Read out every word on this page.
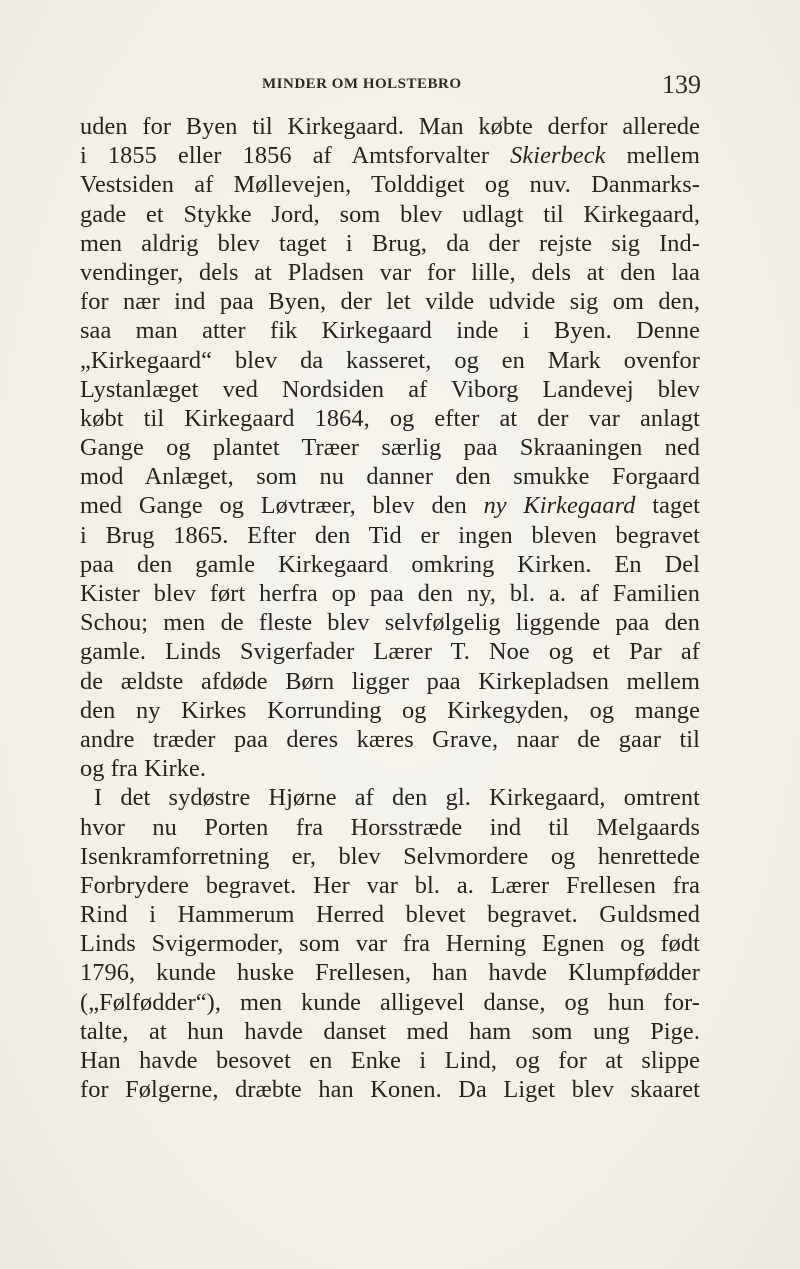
MINDER OM HOLSTEBRO	139
uden for Byen til Kirkegaard. Man købte derfor allerede
i 1855 eller 1856 af Amtsforvalter Skierbeck mellem
Vestsiden af Møllevejen, Tolddiget og nuv. Danmarks-
gade et Stykke Jord, som blev udlagt til Kirkegaard,
men aldrig blev taget i Brug, da der rejste sig Ind-
vendinger, dels at Pladsen var for lille, dels at den laa
for nær ind paa Byen, der let vilde udvide sig om den,
saa man atter fik Kirkegaard inde i Byen. Denne
„Kirkegaard“ blev da kasseret, og en Mark ovenfor
Lystanlæget ved Nordsiden af Viborg Landevej blev
købt til Kirkegaard 1864, og efter at der var anlagt
Gange og plantet Træer særlig paa Skraaningen ned
mod Anlæget, som nu danner den smukke Forgaard
med Gange og Løvtræer, blev den ny Kirkegaard taget
i Brug 1865. Efter den Tid er ingen bleven begravet
paa den gamle Kirkegaard omkring Kirken. En Del
Kister blev ført herfra op paa den ny, bl. a. af Familien
Schou; men de fleste blev selvfølgelig liggende paa den
gamle. Linds Svigerfader Lærer T. Noe og et Par af
de ældste afdøde Børn ligger paa Kirkepladsen mellem
den ny Kirkes Korrunding og Kirkegyden, og mange
andre træder paa deres kæres Grave, naar de gaar til
og fra Kirke.
I det sydøstre Hjørne af den gl. Kirkegaard, omtrent
hvor nu Porten fra Horsstræde ind til Melgaards
Isenkramforretning er, blev Selvmordere og henrettede
Forbrydere begravet. Her var bl. a. Lærer Frellesen fra
Rind i Hammerum Herred blevet begravet. Guldsmed
Linds Svigermoder, som var fra Herning Egnen og født
1796, kunde huske Frellesen, han havde Klumpfødder
(„Følfødder“), men kunde alligevel danse, og hun for-
talte, at hun havde danset med ham som ung Pige.
Han havde besovet en Enke i Lind, og for at slippe
for Følgerne, dræbte han Konen. Da Liget blev skaaret
